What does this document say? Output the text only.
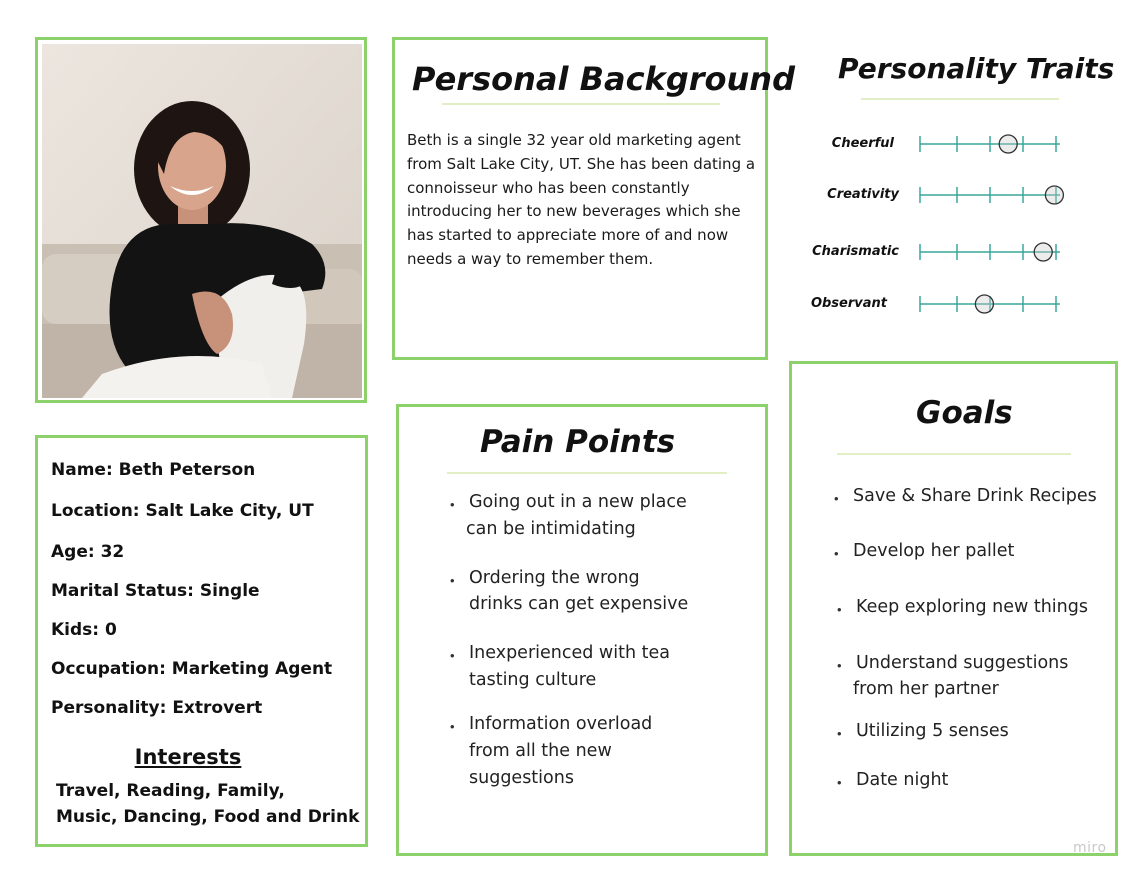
Personal Background

Beth is a single 32 year old marketing agent from Salt Lake City, UT. She has been dating a connoisseur who has been constantly introducing her to new beverages which she has started to appreciate more of and now needs a way to remember them.

Personality Traits
Cheerful
Creativity
Charismatic
Observant

Name: Beth Peterson

Location: Salt Lake City, UT

Age: 32

Marital Status: Single

Kids: 0

Occupation: Marketing Agent

Personality: Extrovert

Interests

Travel, Reading, Family,

Music, Dancing, Food and Drink

Pain Points
• Going out in a new place

can be intimidating

• Ordering the wrong

drinks can get expensive

• Inexperienced with tea

tasting culture

• Information overload

from all the new

suggestions

Goals
• Save & Share Drink Recipes

• Develop her pallet

• Keep exploring new things

• Understand suggestions

from her partner

• Utilizing 5 senses

• Date night

miro
